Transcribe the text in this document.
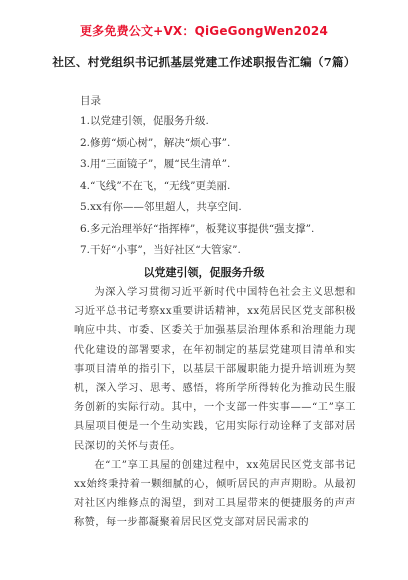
更多免费公文+VX：QiGeGongWen2024
社区、村党组织书记抓基层党建工作述职报告汇编（7篇）
目录
1.以党建引领，促服务升级.
2.修剪“烦心树”，解决“烦心事”.
3.用“三面镜子”，履“民生清单”.
4.“飞线”不在飞，“无线”更美丽.
5.xx有你——邻里超人，共享空间.
6.多元治理举好“指挥棒”，板凳议事提供“强支撑”.
7.干好“小事”，当好社区“大管家”.
以党建引领，促服务升级

为深入学习贯彻习近平新时代中国特色社会主义思想和习近平总书记考察xx重要讲话精神，xx苑居民区党支部积极响应中共、市委、区委关于加强基层治理体系和治理能力现代化建设的部署要求，在年初制定的基层党建项目清单和实事项目清单的指引下，以基层干部履职能力提升培训班为契机，深入学习、思考、感悟，将所学所得转化为推动民生服务创新的实际行动。其中，一个支部一件实事——“工”享工具屋项目便是一个生动实践，它用实际行动诠释了支部对居民深切的关怀与责任。

在“工”享工具屋的创建过程中，xx苑居民区党支部书记xx始终秉持着一颗细腻的心，倾听居民的声声期盼。从最初对社区内维修点的渴望，到对工具屋带来的便捷服务的声声称赞，每一步都凝聚着居民区党支部对居民需求的
